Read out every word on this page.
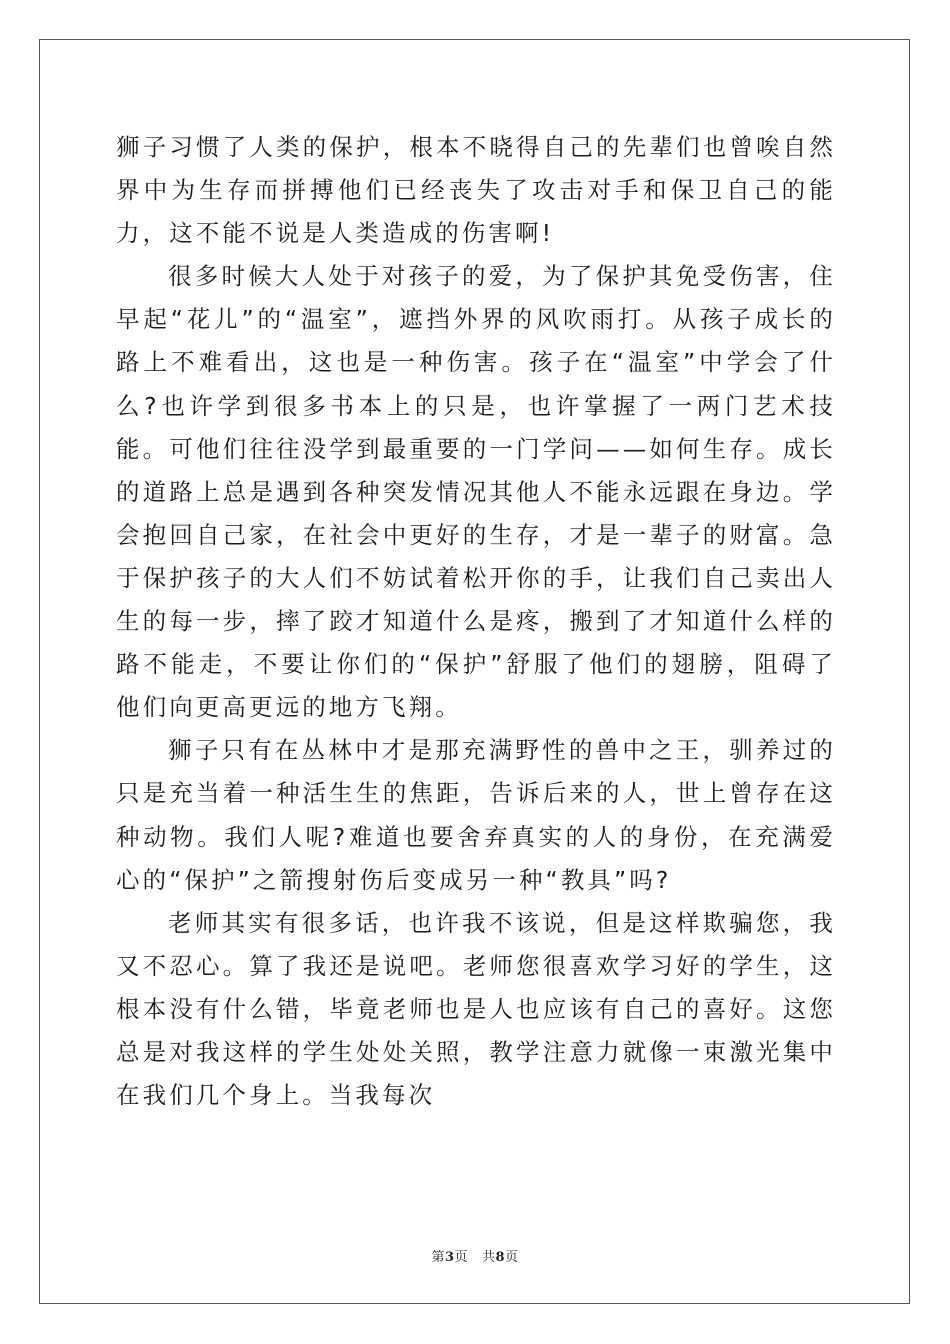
狮子习惯了人类的保护，根本不晓得自己的先辈们也曾唉自然界中为生存而拼搏他们已经丧失了攻击对手和保卫自己的能力，这不能不说是人类造成的伤害啊!

很多时候大人处于对孩子的爱，为了保护其免受伤害，住早起“花儿”的“温室”，遮挡外界的风吹雨打。从孩子成长的路上不难看出，这也是一种伤害。孩子在“温室”中学会了什么?也许学到很多书本上的只是，也许掌握了一两门艺术技能。可他们往往没学到最重要的一门学问——如何生存。成长的道路上总是遇到各种突发情况其他人不能永远跟在身边。学会抱回自己家，在社会中更好的生存，才是一辈子的财富。急于保护孩子的大人们不妨试着松开你的手，让我们自己卖出人生的每一步，摔了跤才知道什么是疼，搬到了才知道什么样的路不能走，不要让你们的“保护”舒服了他们的翅膀，阻碍了他们向更高更远的地方飞翔。

狮子只有在丛林中才是那充满野性的兽中之王，驯养过的只是充当着一种活生生的焦距，告诉后来的人，世上曾存在这种动物。我们人呢?难道也要舍弃真实的人的身份，在充满爱心的“保护”之箭搜射伤后变成另一种“教具”吗?

老师其实有很多话，也许我不该说，但是这样欺骗您，我又不忍心。算了我还是说吧。老师您很喜欢学习好的学生，这根本没有什么错，毕竟老师也是人也应该有自己的喜好。这您总是对我这样的学生处处关照，教学注意力就像一束激光集中在我们几个身上。当我每次

第3页 共8页
